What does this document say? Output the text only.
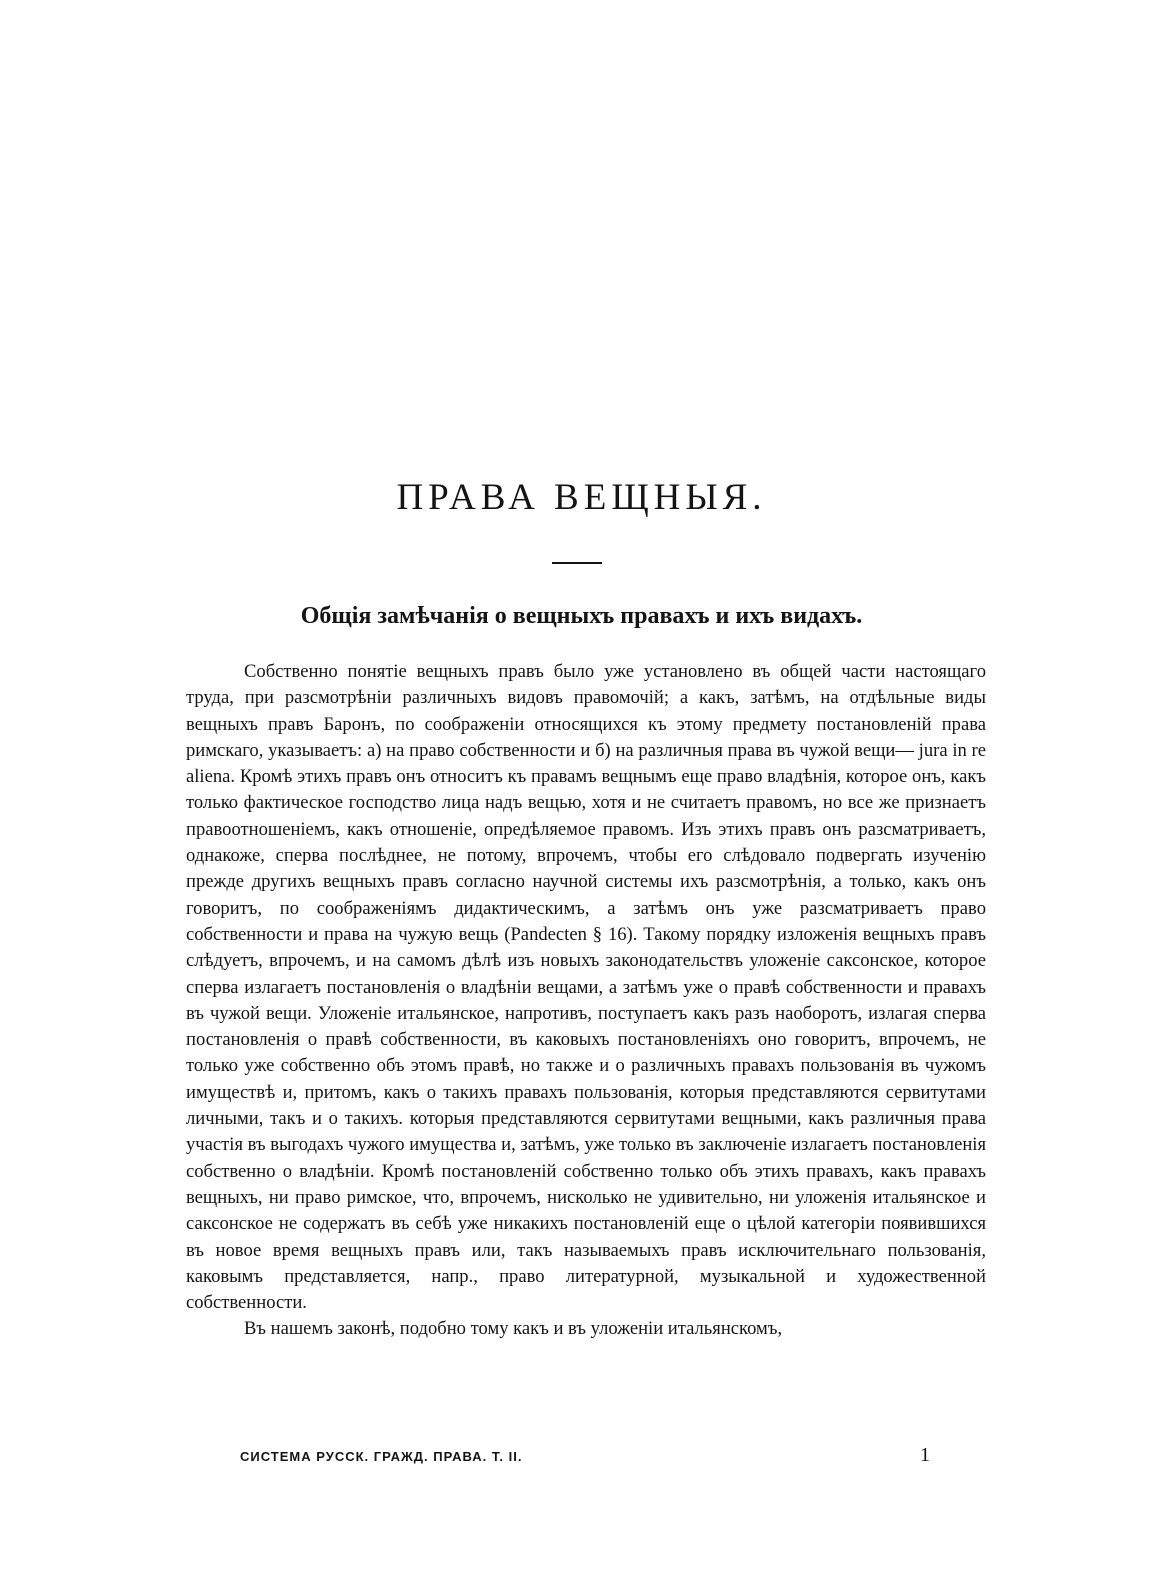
ПРАВА ВЕЩНЫЯ.
Общія замѣчанія о вещныхъ правахъ и ихъ видахъ.

Собственно понятіе вещныхъ правъ было уже установлено въ общей части настоящаго труда, при разсмотрѣніи различныхъ видовъ правомочій; а какъ, затѣмъ, на отдѣльные виды вещныхъ правъ Баронъ, по соображеніи относящихся къ этому предмету постановленій права римскаго, указываетъ: а) на право собственности и б) на различныя права въ чужой вещи— jura in re aliena. Кромѣ этихъ правъ онъ относитъ къ правамъ вещнымъ еще право владѣнія, которое онъ, какъ только фактическое господство лица надъ вещью, хотя и не считаетъ правомъ, но все же признаетъ правоотношеніемъ, какъ отношеніе, опредѣляемое правомъ. Изъ этихъ правъ онъ разсматриваетъ, однакоже, сперва послѣднее, не потому, впрочемъ, чтобы его слѣдовало подвергать изученію прежде другихъ вещныхъ правъ согласно научной системы ихъ разсмотрѣнія, а только, какъ онъ говоритъ, по соображеніямъ дидактическимъ, а затѣмъ онъ уже разсматриваетъ право собственности и права на чужую вещь (Pandecten § 16). Такому порядку изложенія вещныхъ правъ слѣдуетъ, впрочемъ, и на самомъ дѣлѣ изъ новыхъ законодательствъ уложеніе саксонское, которое сперва излагаетъ постановленія о владѣніи вещами, а затѣмъ уже о правѣ собственности и правахъ въ чужой вещи. Уложеніе итальянское, напротивъ, поступаетъ какъ разъ наоборотъ, излагая сперва постановленія о правѣ собственности, въ каковыхъ постановленіяхъ оно говоритъ, впрочемъ, не только уже собственно объ этомъ правѣ, но также и о различныхъ правахъ пользованія въ чужомъ имуществѣ и, притомъ, какъ о такихъ правахъ пользованія, которыя представляются сервитутами личными, такъ и о такихъ. которыя представляются сервитутами вещными, какъ различныя права участія въ выгодахъ чужого имущества и, затѣмъ, уже только въ заключеніе излагаетъ постановленія собственно о владѣніи. Кромѣ постановленій собственно только объ этихъ правахъ, какъ правахъ вещныхъ, ни право римское, что, впрочемъ, нисколько не удивительно, ни уложенія итальянское и саксонское не содержатъ въ себѣ уже никакихъ постановленій еще о цѣлой категоріи появившихся въ новое время вещныхъ правъ или, такъ называемыхъ правъ исключительнаго пользованія, каковымъ представляется, напр., право литературной, музыкальной и художественной собственности.

Въ нашемъ законѣ, подобно тому какъ и въ уложеніи итальянскомъ,

СИСТЕМА РУССК. ГРАЖД. ПРАВА. Т. II.	1
